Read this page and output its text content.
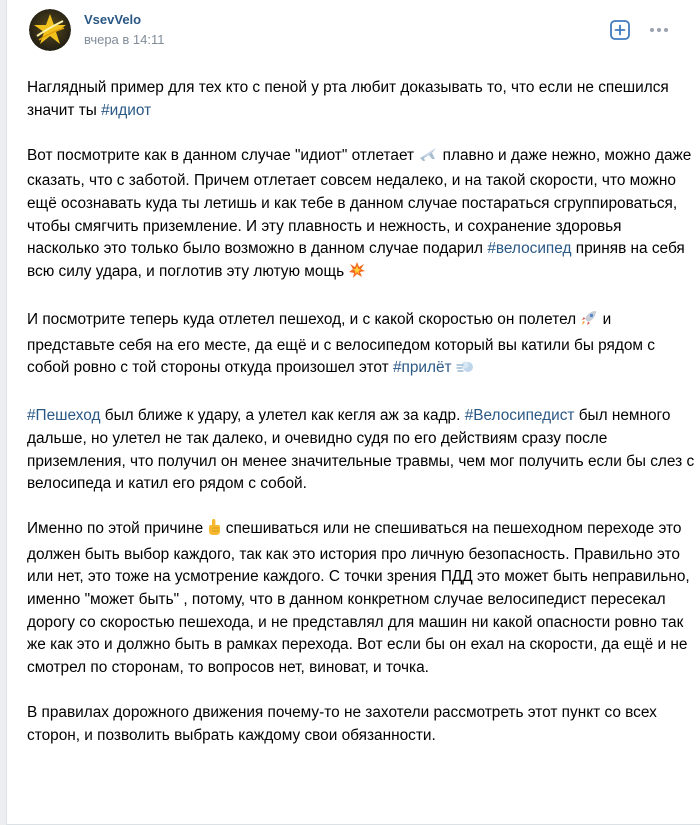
VsevVelo
вчера в 14:11

Наглядный пример для тех кто с пеной у рта любит доказывать то, что если не спешился значит ты #идиот

Вот посмотрите как в данном случае "идиот" отлетает  плавно и даже нежно, можно даже сказать, что с заботой. Причем отлетает совсем недалеко, и на такой скорости, что можно ещё осознавать куда ты летишь и как тебе в данном случае постараться сгруппироваться, чтобы смягчить приземление. И эту плавность и нежность, и сохранение здоровья насколько это только было возможно в данном случае подарил #велосипед приняв на себя всю силу удара, и поглотив эту лютую мощь

И посмотрите теперь куда отлетел пешеход, и с какой скоростью он полетел  и представьте себя на его месте, да ещё и с велосипедом который вы катили бы рядом с собой ровно с той стороны откуда произошел этот #прилёт

#Пешеход был ближе к удару, а улетел как кегля аж за кадр. #Велосипедист был немного дальше, но улетел не так далеко, и очевидно судя по его действиям сразу после приземления, что получил он менее значительные травмы, чем мог получить если бы слез с велосипеда и катил его рядом с собой.

Именно по этой причине  спешиваться или не спешиваться на пешеходном переходе это должен быть выбор каждого, так как это история про личную безопасность. Правильно это или нет, это тоже на усмотрение каждого. С точки зрения ПДД это может быть неправильно, именно "может быть" , потому, что в данном конкретном случае велосипедист пересекал дорогу со скоростью пешехода, и не представлял для машин ни какой опасности ровно так же как это и должно быть в рамках перехода. Вот если бы он ехал на скорости, да ещё и не смотрел по сторонам, то вопросов нет, виноват, и точка.

В правилах дорожного движения почему-то не захотели рассмотреть этот пункт со всех сторон, и позволить выбрать каждому свои обязанности.
